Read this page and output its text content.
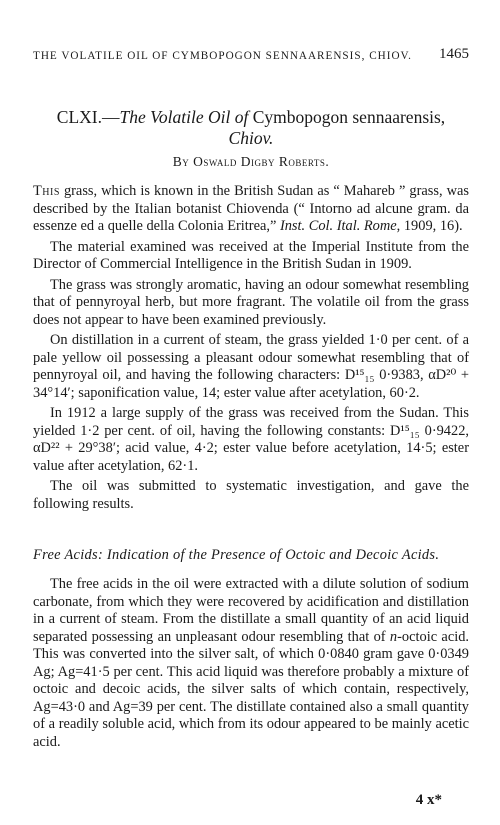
THE VOLATILE OIL OF CYMBOPOGON SENNAARENSIS, CHIOV. 1465
CLXI.—The Volatile Oil of Cymbopogon sennaarensis,
Chiov.
By Oswald Digby Roberts.

This grass, which is known in the British Sudan as “ Mahareb ” grass, was described by the Italian botanist Chiovenda (“ Intorno ad alcune gram. da essenze ed a quelle della Colonia Eritrea,” Inst. Col. Ital. Rome, 1909, 16).

The material examined was received at the Imperial Institute from the Director of Commercial Intelligence in the British Sudan in 1909.

The grass was strongly aromatic, having an odour somewhat resembling that of pennyroyal herb, but more fragrant. The volatile oil from the grass does not appear to have been examined previously.

On distillation in a current of steam, the grass yielded 1·0 per cent. of a pale yellow oil possessing a pleasant odour somewhat resembling that of pennyroyal oil, and having the following characters: D¹⁵₁₅ 0·9383, αD²⁰ + 34°14′; saponification value, 14; ester value after acetylation, 60·2.

In 1912 a large supply of the grass was received from the Sudan. This yielded 1·2 per cent. of oil, having the following constants: D¹⁵₁₅ 0·9422, αD²² + 29°38′; acid value, 4·2; ester value before acetylation, 14·5; ester value after acetylation, 62·1.

The oil was submitted to systematic investigation, and gave the following results.

Free Acids: Indication of the Presence of Octoic and Decoic Acids.

The free acids in the oil were extracted with a dilute solution of sodium carbonate, from which they were recovered by acidification and distillation in a current of steam. From the distillate a small quantity of an acid liquid separated possessing an unpleasant odour resembling that of n-octoic acid. This was converted into the silver salt, of which 0·0840 gram gave 0·0349 Ag; Ag=41·5 per cent. This acid liquid was therefore probably a mixture of octoic and decoic acids, the silver salts of which contain, respectively, Ag=43·0 and Ag=39 per cent. The distillate contained also a small quantity of a readily soluble acid, which from its odour appeared to be mainly acetic acid.

4 x*
